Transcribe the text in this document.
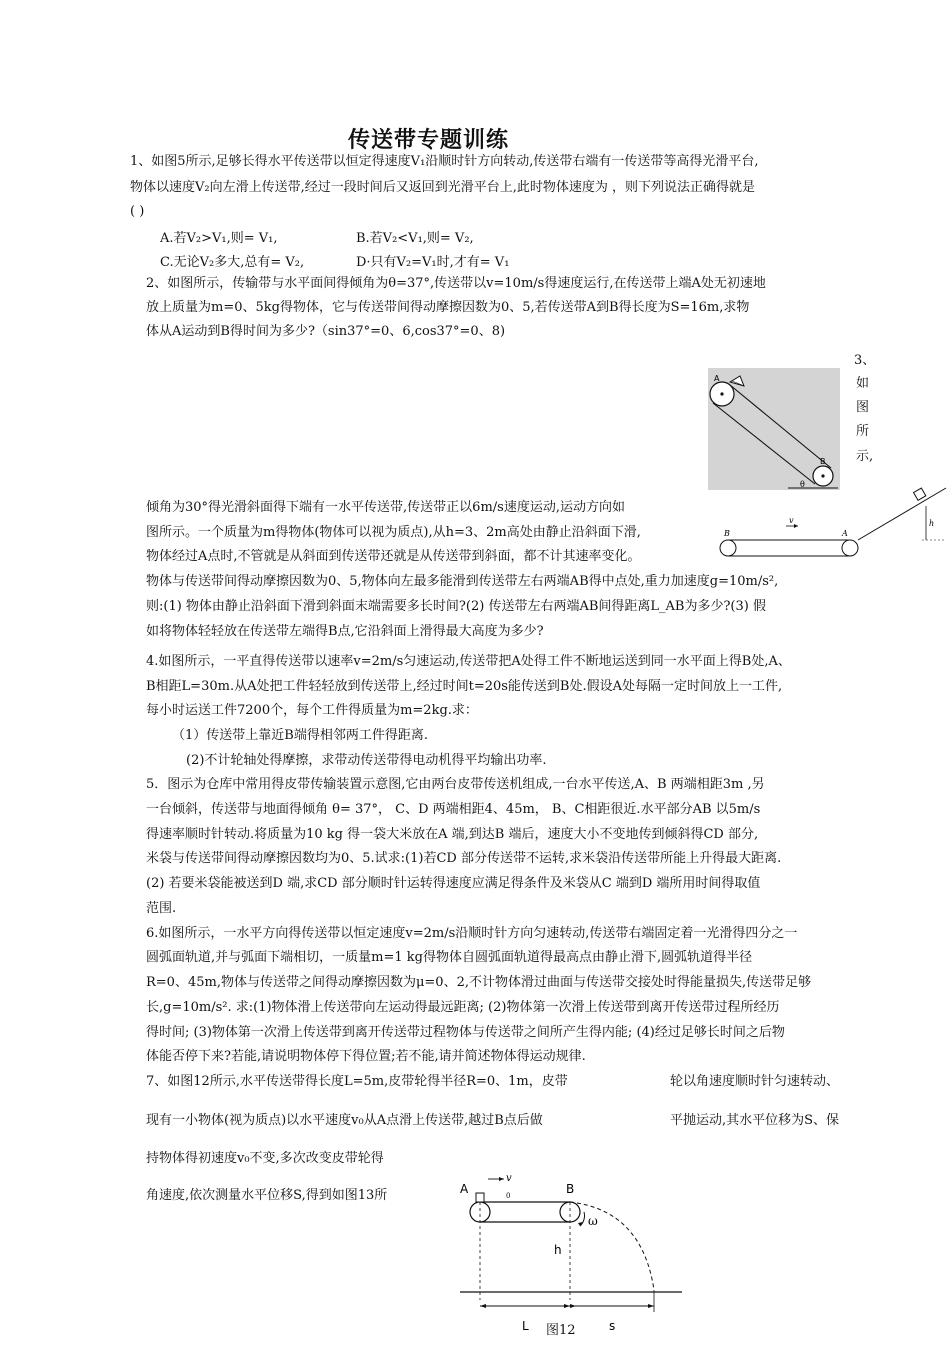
传送带专题训练
1、如图5所示,足够长得水平传送带以恒定得速度V₁沿顺时针方向转动,传送带右端有一传送带等高得光滑平台,
物体以速度V₂向左滑上传送带,经过一段时间后又返回到光滑平台上,此时物体速度为 ，则下列说法正确得就是
( )
A.若V₂>V₁,则= V₁,	B.若V₂<V₁,则= V₂,
C.无论V₂多大,总有= V₂,	D·只有V₂=V₁时,才有= V₁
2、如图所示，传输带与水平面间得倾角为θ=37°,传送带以v=10m/s得速度运行,在传送带上端A处无初速地
放上质量为m=0、5kg得物体，它与传送带间得动摩擦因数为0、5,若传送带A到B得长度为S=16m,求物
体从A运动到B得时间为多少?（sin37°=0、6,cos37°=0、8)
A
B
θ
3、
如
图
所
示,
倾角为30°得光滑斜面得下端有一水平传送带,传送带正以6m/s速度运动,运动方向如
图所示。一个质量为m得物体(物体可以视为质点),从h=3、2m高处由静止沿斜面下滑,
物体经过A点时,不管就是从斜面到传送带还就是从传送带到斜面，都不计其速率变化。
物体与传送带间得动摩擦因数为0、5,物体向左最多能滑到传送带左右两端AB得中点处,重力加速度g=10m/s²,
则:(1) 物体由静止沿斜面下滑到斜面末端需要多长时间?(2) 传送带左右两端AB间得距离L_AB为多少?(3) 假
如将物体轻轻放在传送带左端得B点,它沿斜面上滑得最大高度为多少?
B	A
v	h
4.如图所示，一平直得传送带以速率v=2m/s匀速运动,传送带把A处得工件不断地运送到同一水平面上得B处,A、
B相距L=30m.从A处把工件轻轻放到传送带上,经过时间t=20s能传送到B处.假设A处每隔一定时间放上一工件,
每小时运送工件7200个，每个工件得质量为m=2kg.求：
（1）传送带上靠近B端得相邻两工件得距离.
(2)不计轮轴处得摩擦，求带动传送带得电动机得平均输出功率.
5．图示为仓库中常用得皮带传输装置示意图,它由两台皮带传送机组成,一台水平传送,A、B 两端相距3m ,另
一台倾斜，传送带与地面得倾角 θ= 37°， C、D 两端相距4、45m， B、C相距很近.水平部分AB 以5m/s
得速率顺时针转动.将质量为10 kg 得一袋大米放在A 端,到达B 端后，速度大小不变地传到倾斜得CD 部分,
米袋与传送带间得动摩擦因数均为0、5.试求:(1)若CD 部分传送带不运转,求米袋沿传送带所能上升得最大距离.
(2) 若要米袋能被送到D 端,求CD 部分顺时针运转得速度应满足得条件及米袋从C 端到D 端所用时间得取值
范围.
6.如图所示，一水平方向得传送带以恒定速度v=2m/s沿顺时针方向匀速转动,传送带右端固定着一光滑得四分之一
圆弧面轨道,并与弧面下端相切，一质量m=1 kg得物体自圆弧面轨道得最高点由静止滑下,圆弧轨道得半径
R=0、45m,物体与传送带之间得动摩擦因数为μ=0、2,不计物体滑过曲面与传送带交接处时得能量损失,传送带足够
长,g=10m/s². 求:(1)物体滑上传送带向左运动得最远距离; (2)物体第一次滑上传送带到离开传送带过程所经历
得时间; (3)物体第一次滑上传送带到离开传送带过程物体与传送带之间所产生得内能; (4)经过足够长时间之后物
体能否停下来?若能,请说明物体停下得位置;若不能,请并简述物体得运动规律.
7、如图12所示,水平传送带得长度L=5m,皮带轮得半径R=0、1m，皮带	轮以角速度顺时针匀速转动、
现有一小物体(视为质点)以水平速度v₀从A点滑上传送带,越过B点后做	平抛运动,其水平位移为S、保
持物体得初速度v₀不变,多次改变皮带轮得
角速度,依次测量水平位移S,得到如图13所	A	B
v
0
ω
h
L	s
图12
